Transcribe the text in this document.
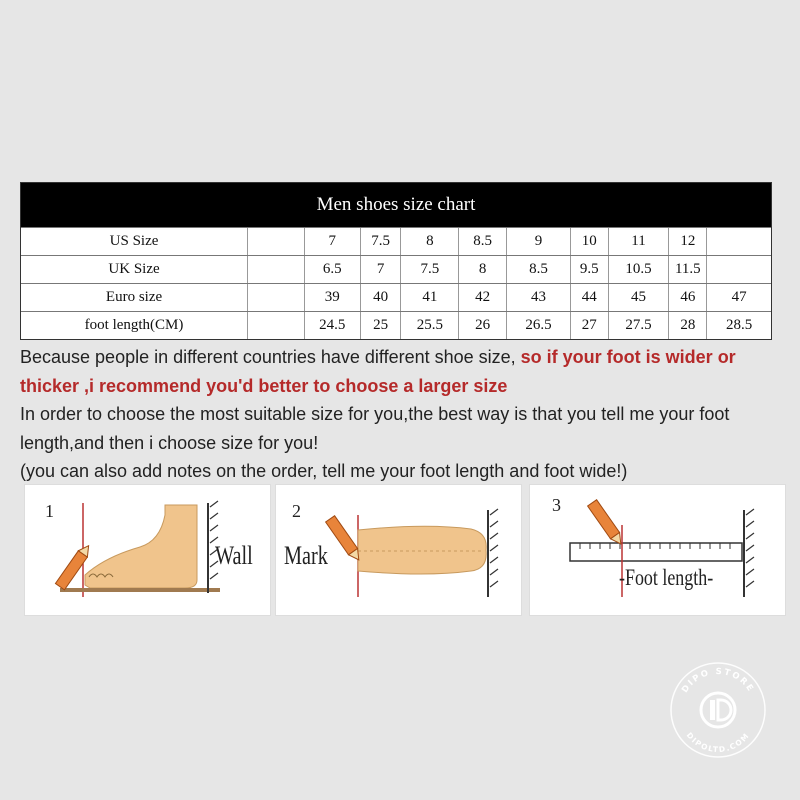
Men shoes size chart
US Size	7	7.5	8	8.5	9	10	11	12
UK Size	6.5	7	7.5	8	8.5	9.5	10.5	11.5
Euro size	39	40	41	42	43	44	45	46	47
foot length(CM)	24.5	25	25.5	26	26.5	27	27.5	28	28.5

Because people in different countries have different shoe size, so if your foot is wider or thicker ,i recommend you'd better to choose a larger size

In order to choose the most suitable size for you,the best way is that you tell me your foot length,and then i choose size for you!

(you can also add notes on the order, tell me your foot length and foot wide!)

1
Wall
2
Mark
3
-Foot length-
DIPO STORE
DIPOLTD.COM
